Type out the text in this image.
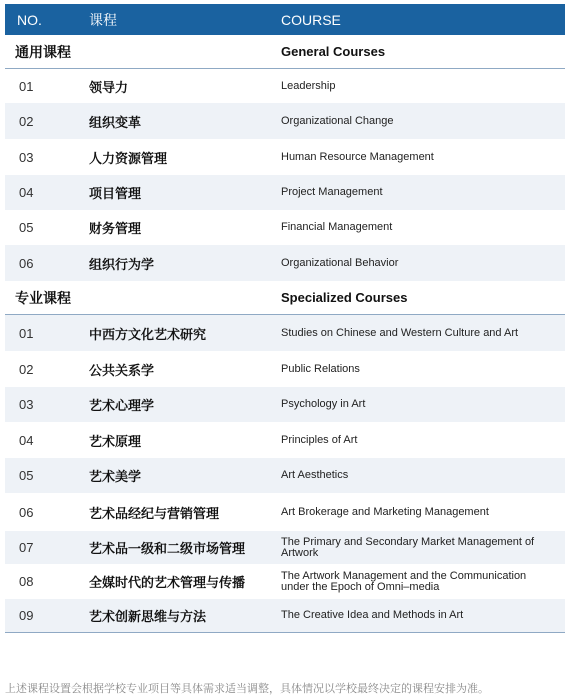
NO.	课程	COURSE
通用课程	General Courses
01	领导力	Leadership
02	组织变革	Organizational Change
03	人力资源管理	Human Resource Management
04	项目管理	Project Management
05	财务管理	Financial Management
06	组织行为学	Organizational Behavior
专业课程	Specialized Courses
01	中西方文化艺术研究	Studies on Chinese and Western Culture and Art
02	公共关系学	Public Relations
03	艺术心理学	Psychology in Art
04	艺术原理	Principles of Art
05	艺术美学	Art Aesthetics
06	艺术品经纪与营销管理	Art Brokerage and Marketing Management
07	艺术品一级和二级市场管理	The Primary and Secondary Market Management of Artwork
08	全媒时代的艺术管理与传播	The Artwork Management and the Communication under the Epoch of Omni–media
09	艺术创新思维与方法	The Creative Idea and Methods in Art
上述课程设置会根据学校专业项目等具体需求适当调整，具体情况以学校最终决定的课程安排为准。
